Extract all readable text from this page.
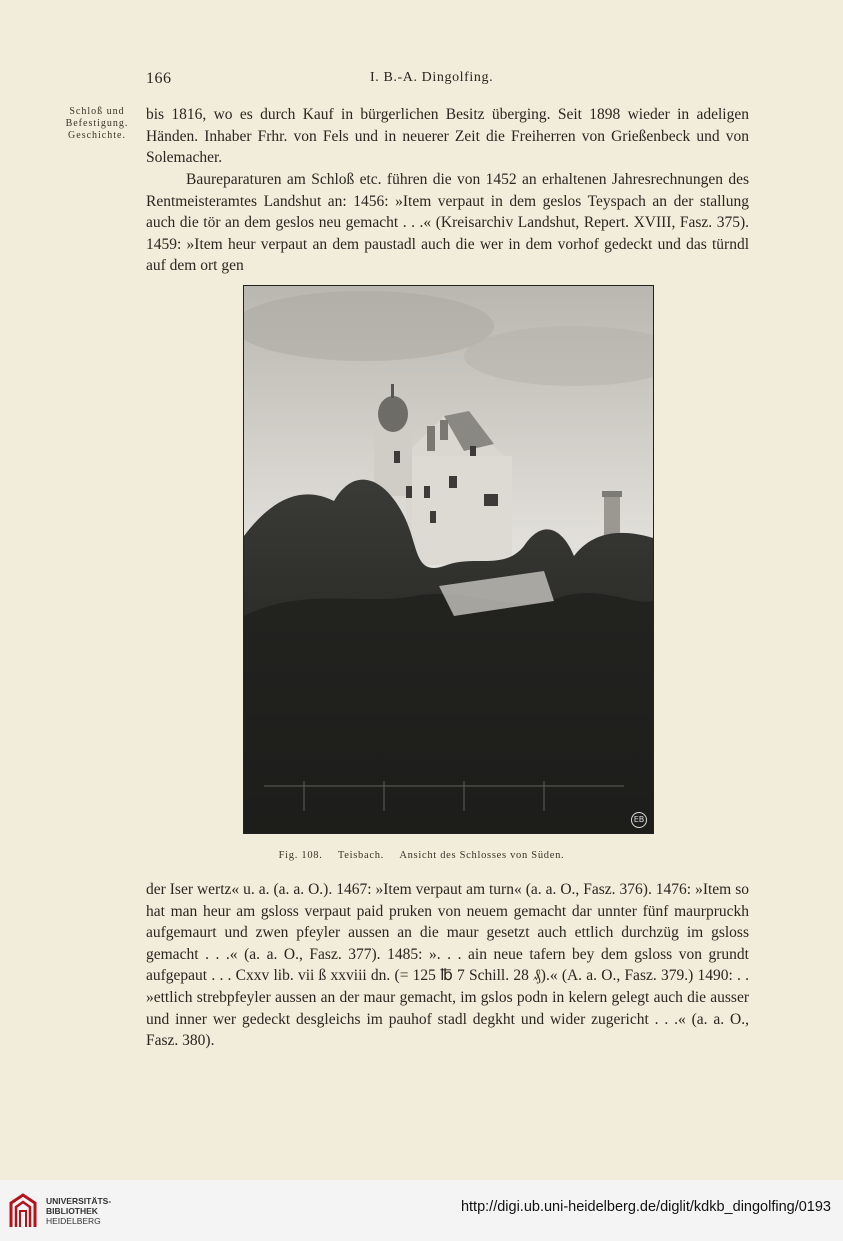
166	I. B.-A. Dingolfing.
Schloß und
Befestigung.
Geschichte.
bis 1816, wo es durch Kauf in bürgerlichen Besitz überging. Seit 1898 wieder in adeligen Händen. Inhaber Frhr. von Fels und in neuerer Zeit die Freiherren von Grießenbeck und von Solemacher.
Baureparaturen am Schloß etc. führen die von 1452 an erhaltenen Jahresrechnungen des Rentmeisteramtes Landshut an: 1456: »Item verpaut in dem geslos Teyspach an der stallung auch die tör an dem geslos neu gemacht . . .« (Kreisarchiv Landshut, Repert. XVIII, Fasz. 375). 1459: »Item heur verpaut an dem paustadl auch die wer in dem vorhof gedeckt und das türndl auf dem ort gen
EB
Fig. 108. Teisbach. Ansicht des Schlosses von Süden.
der Iser wertz« u. a. (a. a. O.). 1467: »Item verpaut am turn« (a. a. O., Fasz. 376). 1476: »Item so hat man heur am gsloss verpaut paid pruken von neuem gemacht dar unnter fünf maurpruckh aufgemaurt und zwen pfeyler aussen an die maur gesetzt auch ettlich durchzüg im gsloss gemacht . . .« (a. a. O., Fasz. 377). 1485: ». . . ain neue tafern bey dem gsloss von grundt aufgepaut . . . Cxxv lib. vii ß xxviii dn. (= 125 ℔ 7 Schill. 28 ₰).« (A. a. O., Fasz. 379.) 1490: . . »ettlich strebpfeyler aussen an der maur gemacht, im gslos podn in kelern gelegt auch die ausser und inner wer gedeckt desgleichs im pauhof stadl degkht und wider zugericht . . .« (a. a. O., Fasz. 380).
UNIVERSITÄTS-
BIBLIOTHEK
HEIDELBERG
http://digi.ub.uni-heidelberg.de/diglit/kdkb_dingolfing/0193
